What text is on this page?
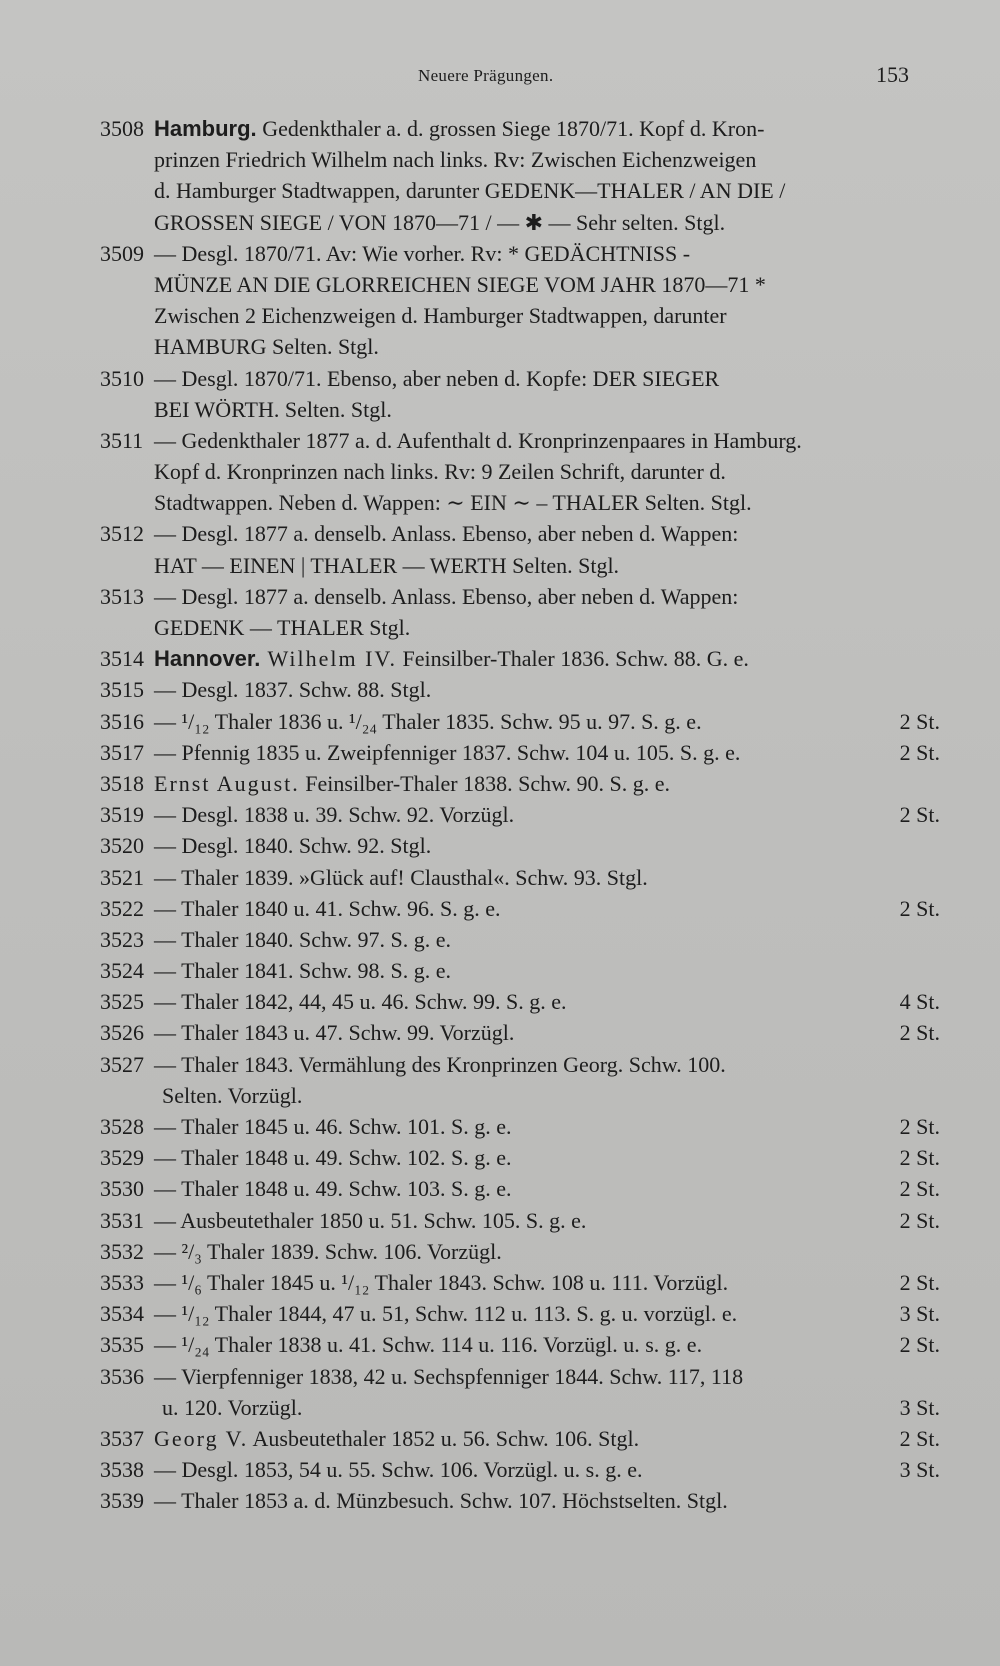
Neuere Prägungen.	153
3508 Hamburg. Gedenkthaler a. d. grossen Siege 1870/71. Kopf d. Kron-
prinzen Friedrich Wilhelm nach links. Rv: Zwischen Eichenzweigen
d. Hamburger Stadtwappen, darunter GEDENK—THALER / AN DIE /
GROSSEN SIEGE / VON 1870—71 / — ✱ — Sehr selten. Stgl.
3509 — Desgl. 1870/71. Av: Wie vorher. Rv: * GEDÄCHTNISS -
MÜNZE AN DIE GLORREICHEN SIEGE VOM JAHR 1870—71 *
Zwischen 2 Eichenzweigen d. Hamburger Stadtwappen, darunter
HAMBURG Selten. Stgl.
3510 — Desgl. 1870/71. Ebenso, aber neben d. Kopfe: DER SIEGER
BEI WÖRTH. Selten. Stgl.
3511 — Gedenkthaler 1877 a. d. Aufenthalt d. Kronprinzenpaares in Hamburg.
Kopf d. Kronprinzen nach links. Rv: 9 Zeilen Schrift, darunter d.
Stadtwappen. Neben d. Wappen: ∼ EIN ∼ – THALER Selten. Stgl.
3512 — Desgl. 1877 a. denselb. Anlass. Ebenso, aber neben d. Wappen:
HAT — EINEN | THALER — WERTH Selten. Stgl.
3513 — Desgl. 1877 a. denselb. Anlass. Ebenso, aber neben d. Wappen:
GEDENK — THALER Stgl.
3514 Hannover. Wilhelm IV. Feinsilber-Thaler 1836. Schw. 88. G. e.
3515 — Desgl. 1837. Schw. 88. Stgl.
3516 — ¹/₁₂ Thaler 1836 u. ¹/₂₄ Thaler 1835. Schw. 95 u. 97. S. g. e.	2 St.
3517 — Pfennig 1835 u. Zweipfenniger 1837. Schw. 104 u. 105. S. g. e.	2 St.
3518 Ernst August. Feinsilber-Thaler 1838. Schw. 90. S. g. e.
3519 — Desgl. 1838 u. 39. Schw. 92. Vorzügl.	2 St.
3520 — Desgl. 1840. Schw. 92. Stgl.
3521 — Thaler 1839. »Glück auf! Clausthal«. Schw. 93. Stgl.
3522 — Thaler 1840 u. 41. Schw. 96. S. g. e.	2 St.
3523 — Thaler 1840. Schw. 97. S. g. e.
3524 — Thaler 1841. Schw. 98. S. g. e.
3525 — Thaler 1842, 44, 45 u. 46. Schw. 99. S. g. e.	4 St.
3526 — Thaler 1843 u. 47. Schw. 99. Vorzügl.	2 St.
3527 — Thaler 1843. Vermählung des Kronprinzen Georg. Schw. 100.
Selten. Vorzügl.
3528 — Thaler 1845 u. 46. Schw. 101. S. g. e.	2 St.
3529 — Thaler 1848 u. 49. Schw. 102. S. g. e.	2 St.
3530 — Thaler 1848 u. 49. Schw. 103. S. g. e.	2 St.
3531 — Ausbeutethaler 1850 u. 51. Schw. 105. S. g. e.	2 St.
3532 — ²/₃ Thaler 1839. Schw. 106. Vorzügl.
3533 — ¹/₆ Thaler 1845 u. ¹/₁₂ Thaler 1843. Schw. 108 u. 111. Vorzügl.	2 St.
3534 — ¹/₁₂ Thaler 1844, 47 u. 51, Schw. 112 u. 113. S. g. u. vorzügl. e.	3 St.
3535 — ¹/₂₄ Thaler 1838 u. 41. Schw. 114 u. 116. Vorzügl. u. s. g. e.	2 St.
3536 — Vierpfenniger 1838, 42 u. Sechspfenniger 1844. Schw. 117, 118
u. 120. Vorzügl.	3 St.
3537 Georg V. Ausbeutethaler 1852 u. 56. Schw. 106. Stgl.	2 St.
3538 — Desgl. 1853, 54 u. 55. Schw. 106. Vorzügl. u. s. g. e.	3 St.
3539 — Thaler 1853 a. d. Münzbesuch. Schw. 107. Höchstselten. Stgl.
